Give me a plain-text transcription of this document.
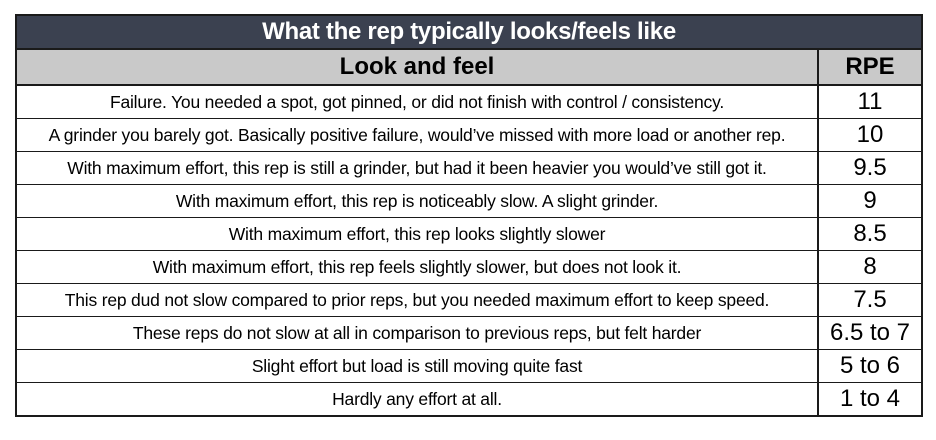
What the rep typically looks/feels like	
Look and feel	RPE
Failure. You needed a spot, got pinned, or did not finish with control / consistency.	11
A grinder you barely got. Basically positive failure, would’ve missed with more load or another rep.	10
With maximum effort, this rep is still a grinder, but had it been heavier you would’ve still got it.	9.5
With maximum effort, this rep is noticeably slow. A slight grinder.	9
With maximum effort, this rep looks slightly slower	8.5
With maximum effort, this rep feels slightly slower, but does not look it.	8
This rep dud not slow compared to prior reps, but you needed maximum effort to keep speed.	7.5
These reps do not slow at all in comparison to previous reps, but felt harder	6.5 to 7
Slight effort but load is still moving quite fast	5 to 6
Hardly any effort at all.	1 to 4
